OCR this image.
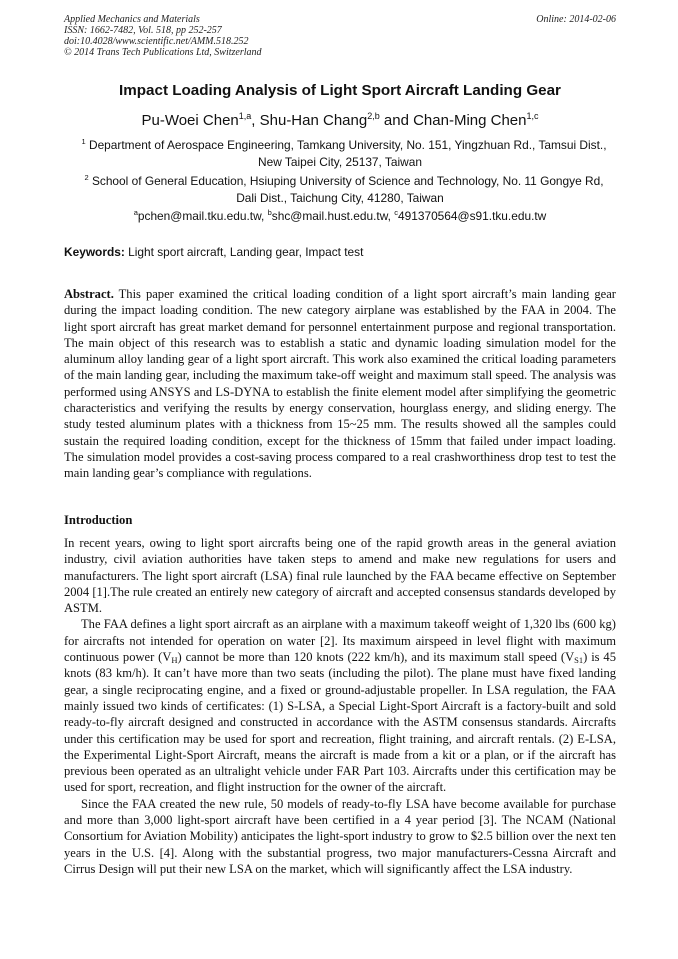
Applied Mechanics and Materials
ISSN: 1662-7482, Vol. 518, pp 252-257
doi:10.4028/www.scientific.net/AMM.518.252
© 2014 Trans Tech Publications Ltd, Switzerland
Online: 2014-02-06
Impact Loading Analysis of Light Sport Aircraft Landing Gear
Pu-Woei Chen$^{1,a}$, Shu-Han Chang$^{2,b}$ and Chan-Ming Chen$^{1,c}$
$^1$ Department of Aerospace Engineering, Tamkang University, No. 151, Yingzhuan Rd., Tamsui Dist.,
New Taipei City, 25137, Taiwan
$^2$ School of General Education, Hsiuping University of Science and Technology, No. 11 Gongye Rd,
Dali Dist., Taichung City, 41280, Taiwan
$^a$pchen@mail.tku.edu.tw, $^b$shc@mail.hust.edu.tw, $^c$491370564@s91.tku.edu.tw
Keywords: Light sport aircraft, Landing gear, Impact test
Abstract. This paper examined the critical loading condition of a light sport aircraft’s main landing gear during the impact loading condition. The new category airplane was established by the FAA in 2004. The light sport aircraft has great market demand for personnel entertainment purpose and regional transportation. The main object of this research was to establish a static and dynamic loading simulation model for the aluminum alloy landing gear of a light sport aircraft. This work also examined the critical loading parameters of the main landing gear, including the maximum take-off weight and maximum stall speed. The analysis was performed using ANSYS and LS-DYNA to establish the finite element model after simplifying the geometric characteristics and verifying the results by energy conservation, hourglass energy, and sliding energy. The study tested aluminum plates with a thickness from 15~25 mm. The results showed all the samples could sustain the required loading condition, except for the thickness of 15mm that failed under impact loading. The simulation model provides a cost-saving process compared to a real crashworthiness drop test to test the main landing gear’s compliance with regulations.
Introduction

In recent years, owing to light sport aircrafts being one of the rapid growth areas in the general aviation industry, civil aviation authorities have taken steps to amend and make new regulations for users and manufacturers. The light sport aircraft (LSA) final rule launched by the FAA became effective on September 2004 [1].The rule created an entirely new category of aircraft and accepted consensus standards developed by ASTM.

The FAA defines a light sport aircraft as an airplane with a maximum takeoff weight of 1,320 lbs (600 kg) for aircrafts not intended for operation on water [2]. Its maximum airspeed in level flight with maximum continuous power $(V_H)$ cannot be more than 120 knots (222 km/h), and its maximum stall speed $(V_{S1})$ is 45 knots (83 km/h). It can’t have more than two seats (including the pilot). The plane must have fixed landing gear, a single reciprocating engine, and a fixed or ground-adjustable propeller. In LSA regulation, the FAA mainly issued two kinds of certificates: (1) S-LSA, a Special Light-Sport Aircraft is a factory-built and sold ready-to-fly aircraft designed and constructed in accordance with the ASTM consensus standards. Aircrafts under this certification may be used for sport and recreation, flight training, and aircraft rentals. (2) E-LSA, the Experimental Light-Sport Aircraft, means the aircraft is made from a kit or a plan, or if the aircraft has previous been operated as an ultralight vehicle under FAR Part 103. Aircrafts under this certification may be used for sport, recreation, and flight instruction for the owner of the aircraft.

Since the FAA created the new rule, 50 models of ready-to-fly LSA have become available for purchase and more than 3,000 light-sport aircraft have been certified in a 4 year period [3]. The NCAM (National Consortium for Aviation Mobility) anticipates the light-sport industry to grow to $2.5 billion over the next ten years in the U.S. [4]. Along with the substantial progress, two major manufacturers-Cessna Aircraft and Cirrus Design will put their new LSA on the market, which will significantly affect the LSA industry.
